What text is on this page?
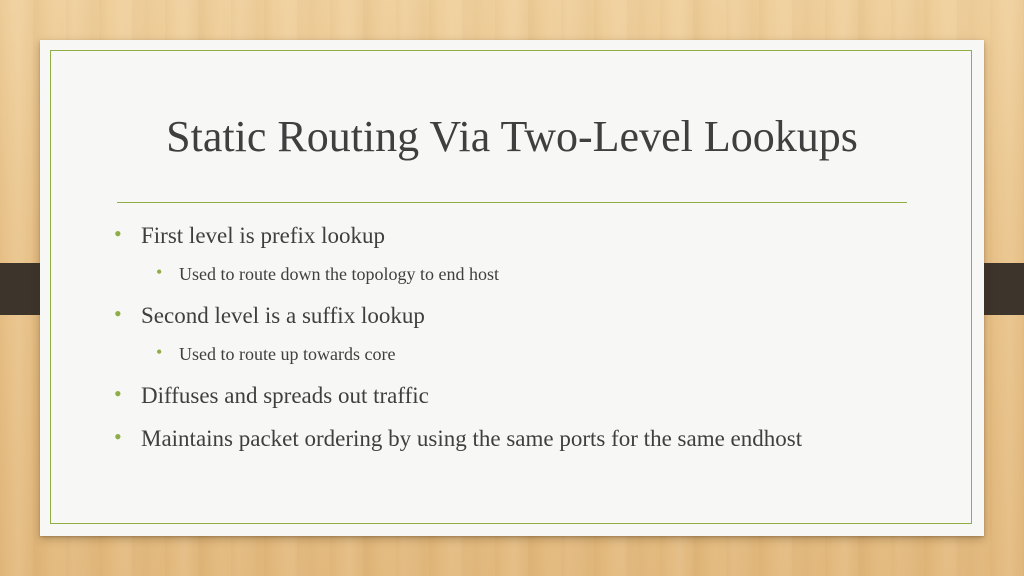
Static Routing Via Two-Level Lookups
• First level is prefix lookup
• Used to route down the topology to end host
• Second level is a suffix lookup
• Used to route up towards core
• Diffuses and spreads out traffic
• Maintains packet ordering by using the same ports for the same endhost
